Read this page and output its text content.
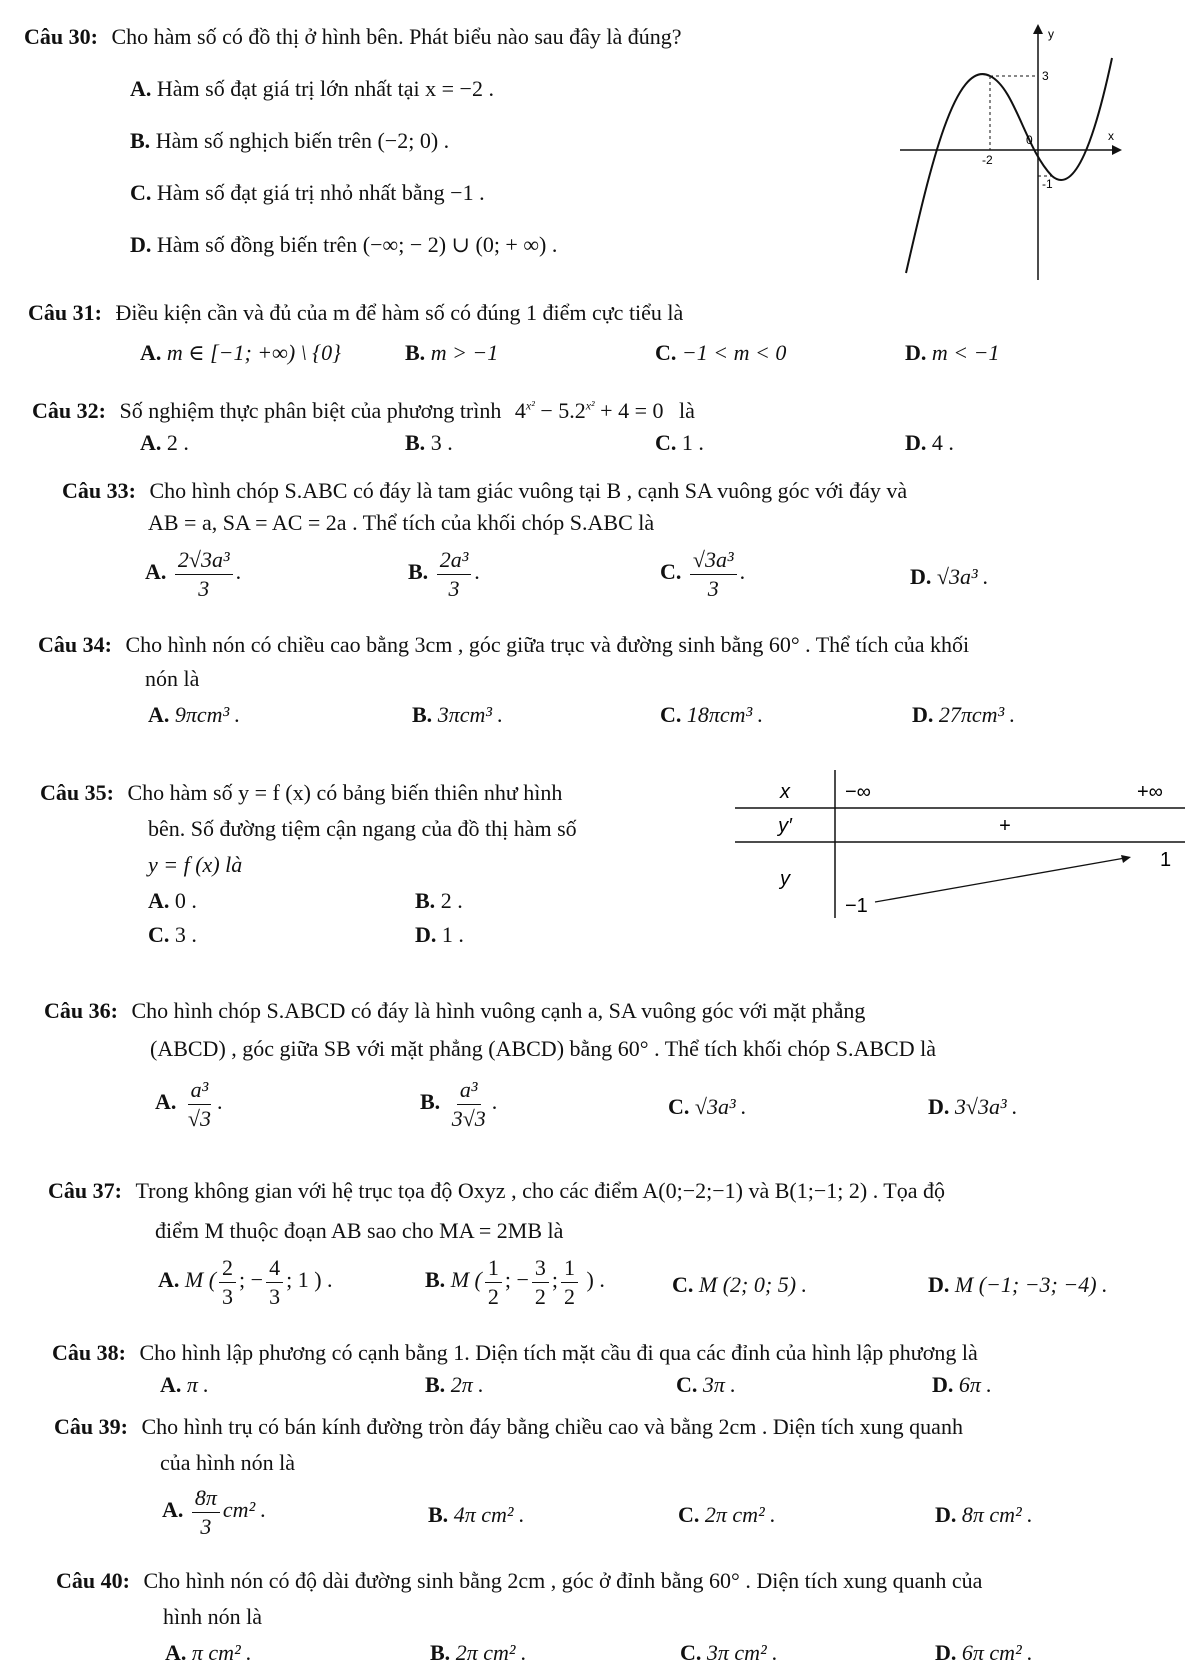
Câu 30: Cho hàm số có đồ thị ở hình bên. Phát biểu nào sau đây là đúng?
A. Hàm số đạt giá trị lớn nhất tại x = −2 .
B. Hàm số nghịch biến trên (−2; 0) .
C. Hàm số đạt giá trị nhỏ nhất bằng −1 .
D. Hàm số đồng biến trên (−∞; − 2) ∪ (0; + ∞) .
y
x
3
0
-2
-1
Câu 31: Điều kiện cần và đủ của m để hàm số có đúng 1 điểm cực tiểu là
A. m ∈ [−1; +∞) \ {0}	B. m > −1	C. −1 < m < 0	D. m < −1
Câu 32: Số nghiệm thực phân biệt của phương trình $4^{x^2} - 5.2^{x^2} + 4 = 0$ là
A. 2 .	B. 3 .	C. 1 .	D. 4 .
Câu 33: Cho hình chóp S.ABC có đáy là tam giác vuông tại B , cạnh SA vuông góc với đáy và
AB = a, SA = AC = 2a . Thể tích của khối chóp S.ABC là
A. $\frac{\text{2√3a³}}{3}$ .	B. $\frac{\text{2a³}}{3}$ .	C. $\frac{\text{√3a³}}{3}$ .	D. √3a³ .
Câu 34: Cho hình nón có chiều cao bằng 3cm , góc giữa trục và đường sinh bằng 60° . Thể tích của khối
nón là
A. 9πcm³ .	B. 3πcm³ .	C. 18πcm³ .	D. 27πcm³ .
Câu 35: Cho hàm số y = f (x) có bảng biến thiên như hình
bên. Số đường tiệm cận ngang của đồ thị hàm số
y = f (x) là
A. 0 .	B. 2 .
C. 3 .	D. 1 .
x	−∞	+∞
y′	+
y
−1
1
Câu 36: Cho hình chóp S.ABCD có đáy là hình vuông cạnh a, SA vuông góc với mặt phẳng
(ABCD) , góc giữa SB với mặt phẳng (ABCD) bằng 60° . Thể tích khối chóp S.ABCD là
A. $\frac{\text{a³}}{√3}$ .	B. $\frac{\text{a³}}{3√3}$ .	C. √3a³ .	D. 3√3a³ .
Câu 37: Trong không gian với hệ trục tọa độ Oxyz , cho các điểm A(0;−2;−1) và B(1;−1; 2) . Tọa độ
điểm M thuộc đoạn AB sao cho MA = 2MB là
A. M ( $\frac{2}{3}$ ; − $\frac{4}{3}$ ; 1 ) .	B. M ( $\frac{1}{2}$ ; − $\frac{3}{2}$ ; $\frac{1}{2}$ ) .	C. M (2; 0; 5) .	D. M (−1; −3; −4) .
Câu 38: Cho hình lập phương có cạnh bằng 1. Diện tích mặt cầu đi qua các đỉnh của hình lập phương là
A. π .	B. 2π .	C. 3π .	D. 6π .
Câu 39: Cho hình trụ có bán kính đường tròn đáy bằng chiều cao và bằng 2cm . Diện tích xung quanh
của hình nón là
A. $\frac{8\pi}{3} cm^2$ .	B. 4π cm² .	C. 2π cm² .	D. 8π cm² .
Câu 40: Cho hình nón có độ dài đường sinh bằng 2cm , góc ở đỉnh bằng 60° . Diện tích xung quanh của
hình nón là
A. π cm² .	B. 2π cm² .	C. 3π cm² .	D. 6π cm² .
